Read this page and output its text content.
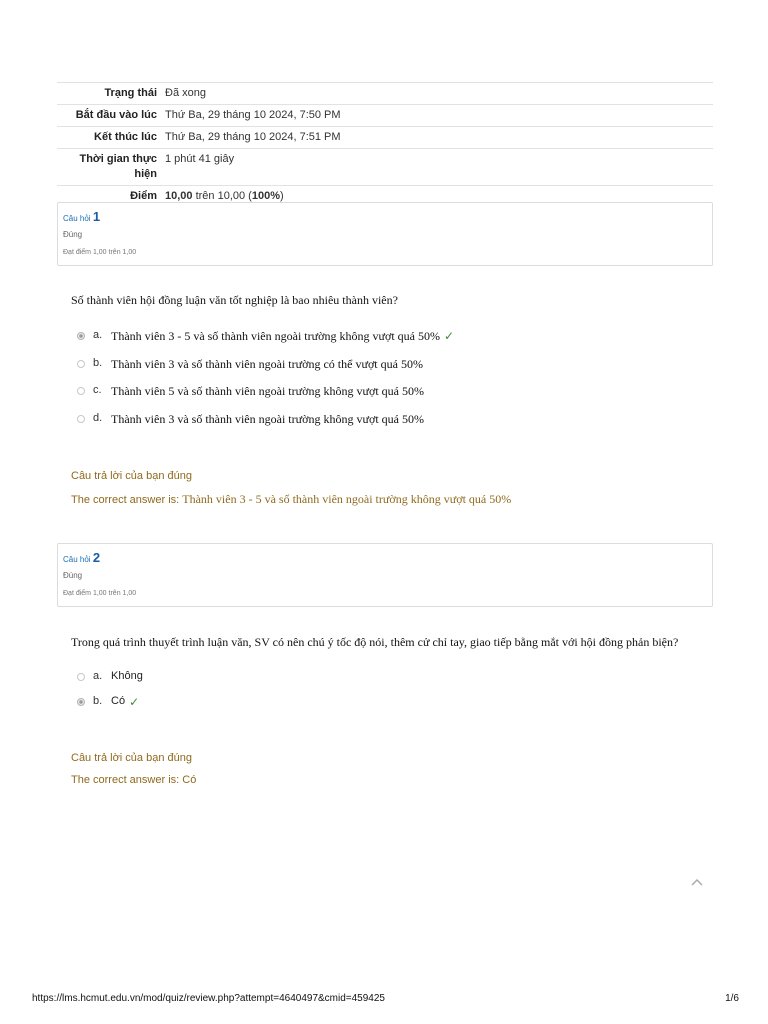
Trạng thái	Đã xong
Bắt đầu vào lúc	Thứ Ba, 29 tháng 10 2024, 7:50 PM
Kết thúc lúc	Thứ Ba, 29 tháng 10 2024, 7:51 PM
Thời gian thực hiện	1 phút 41 giây
Điểm	10,00 trên 10,00 (100%)
Câu hỏi 1
Đúng
Đạt điểm 1,00 trên 1,00
Số thành viên hội đồng luận văn tốt nghiệp là bao nhiêu thành viên?
a. Thành viên 3 - 5 và số thành viên ngoài trường không vượt quá 50% ✓
b. Thành viên 3 và số thành viên ngoài trường có thể vượt quá 50%
c. Thành viên 5 và số thành viên ngoài trường không vượt quá 50%
d. Thành viên 3 và số thành viên ngoài trường không vượt quá 50%
Câu trả lời của bạn đúng
The correct answer is: Thành viên 3 - 5 và số thành viên ngoài trường không vượt quá 50%
Câu hỏi 2
Đúng
Đạt điểm 1,00 trên 1,00
Trong quá trình thuyết trình luận văn, SV có nên chú ý tốc độ nói, thêm cử chỉ tay, giao tiếp bằng mắt với hội đồng phản biện?
a. Không
b. Có ✓
Câu trả lời của bạn đúng
The correct answer is: Có
https://lms.hcmut.edu.vn/mod/quiz/review.php?attempt=4640497&cmid=459425	1/6
